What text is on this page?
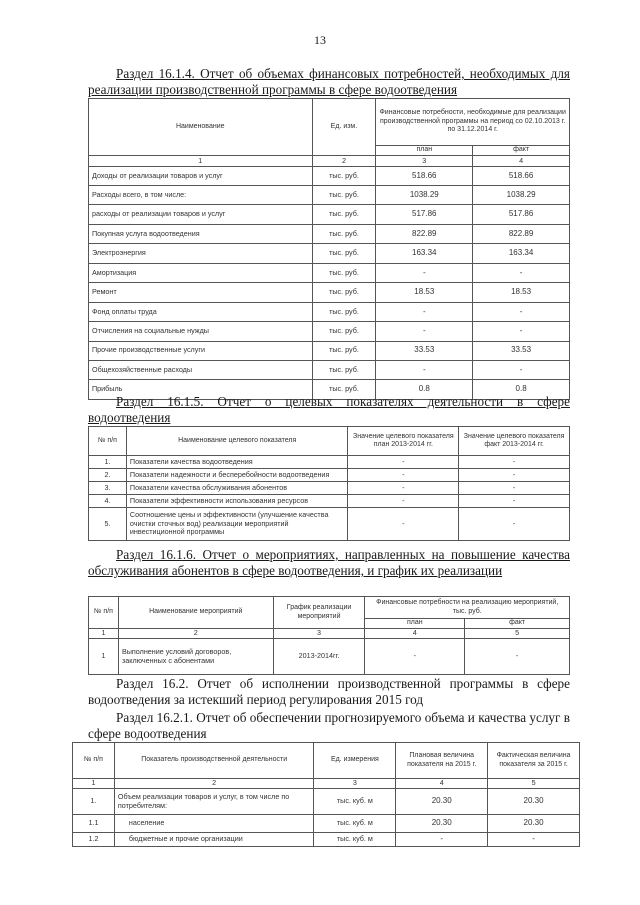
13
Раздел 16.1.4. Отчет об объемах финансовых потребностей, необходимых для реализации производственной программы в сфере водоотведения
Наименование	Ед. изм.	Финансовые потребности, необходимые для реализации производственной программы на период со 02.10.2013 г. по 31.12.2014 г.	
		план	факт
1	2	3	4
Доходы от реализации товаров и услуг	тыс. руб.	518.66	518.66
Расходы всего, в том числе:	тыс. руб.	1038.29	1038.29
расходы от реализации товаров и услуг	тыс. руб.	517.86	517.86
Покупная услуга водоотведения	тыс. руб.	822.89	822.89
Электроэнергия	тыс. руб.	163.34	163.34
Амортизация	тыс. руб.	-	-
Ремонт	тыс. руб.	18.53	18.53
Фонд оплаты труда	тыс. руб.	-	-
Отчисления на социальные нужды	тыс. руб.	-	-
Прочие производственные услуги	тыс. руб.	33.53	33.53
Общехозяйственные расходы	тыс. руб.	-	-
Прибыль	тыс. руб.	0.8	0.8
Раздел 16.1.5. Отчет о целевых показателях деятельности в сфере водоотведения
№ п/п	Наименование целевого показателя	Значение целевого показателя план 2013-2014 гг.	Значение целевого показателя факт 2013-2014 гг.
1.	Показатели качества водоотведения	-	-
2.	Показатели надежности и бесперебойности водоотведения	-	-
3.	Показатели качества обслуживания абонентов	-	-
4.	Показатели эффективности использования ресурсов	-	-
5.	Соотношение цены и эффективности (улучшение качества очистки сточных вод) реализации мероприятий инвестиционной программы	-	-
Раздел 16.1.6. Отчет о мероприятиях, направленных на повышение качества обслуживания абонентов в сфере водоотведения, и график их реализации
№ п/п	Наименование мероприятий	График реализации мероприятий	Финансовые потребности на реализацию мероприятий, тыс. руб.	
			план	факт
1	2	3	4	5
1	Выполнение условий договоров, заключенных с абонентами	2013-2014гг.	-	-
Раздел 16.2. Отчет об исполнении производственной программы в сфере водоотведения за истекший период регулирования 2015 год
Раздел 16.2.1. Отчет об обеспечении прогнозируемого объема и качества услуг в сфере водоотведения
№ п/п	Показатель производственной деятельности	Ед. измерения	Плановая величина показателя на 2015 г.	Фактическая величина показателя за 2015 г.
1	2	3	4	5
1.	Объем реализации товаров и услуг, в том числе по потребителям:	тыс. куб. м	20.30	20.30
1.1	население	тыс. куб. м	20.30	20.30
1.2	бюджетные и прочие организации	тыс. куб. м	-	-
